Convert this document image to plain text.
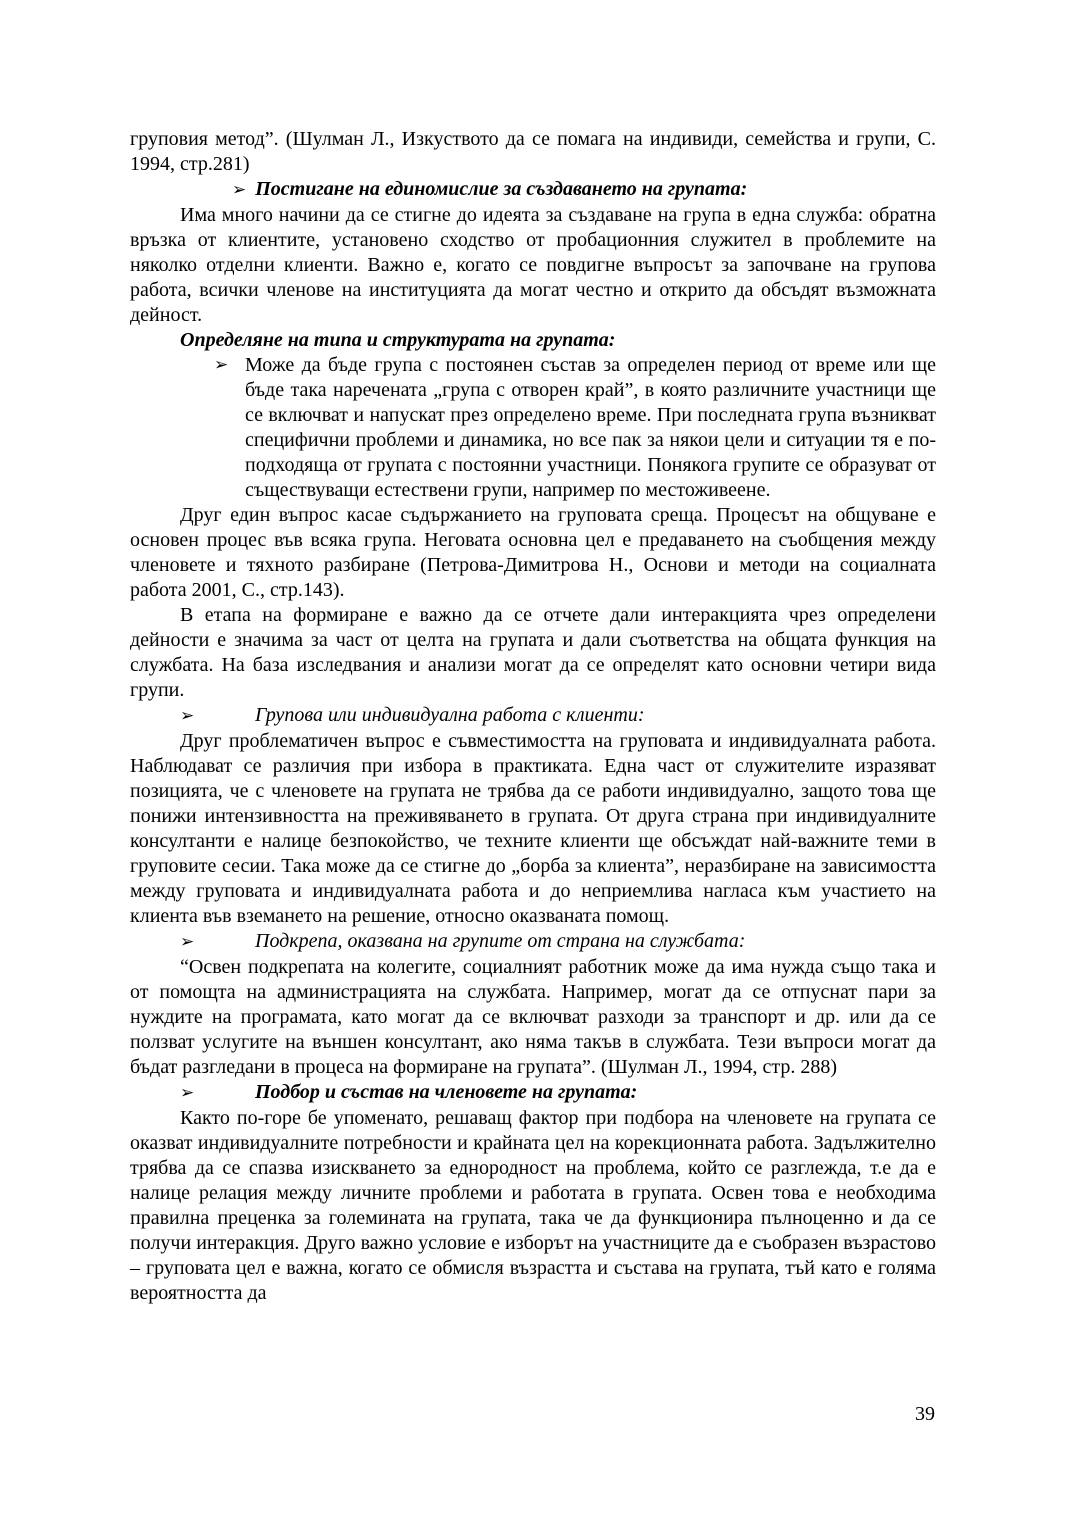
груповия метод”. (Шулман Л., Изкуството да се помага на индивиди, семейства и групи, С. 1994, стр.281)
➢ Постигане на единомислие за създаването на групата:
Има много начини да се стигне до идеята за създаване на група в една служба: обратна връзка от клиентите, установено сходство от пробационния служител в проблемите на няколко отделни клиенти. Важно е, когато се повдигне въпросът за започване на групова работа, всички членове на институцията да могат честно и открито да обсъдят възможната дейност.
Определяне на типа и структурата на групата:
➢ Може да бъде група с постоянен състав за определен период от време или ще бъде така наречената „група с отворен край”, в която различните участници ще се включват и напускат през определено време. При последната група възникват специфични проблеми и динамика, но все пак за някои цели и ситуации тя е по-подходяща от групата с постоянни участници. Понякога групите се образуват от съществуващи естествени групи, например по местоживеене.
Друг един въпрос касае съдържанието на груповата среща. Процесът на общуване е основен процес във всяка група. Неговата основна цел е предаването на съобщения между членовете и тяхното разбиране (Петрова-Димитрова Н., Основи и методи на социалната работа 2001, С., стр.143).
В етапа на формиране е важно да се отчете дали интеракцията чрез определени дейности е значима за част от целта на групата и дали съответства на общата функция на службата. На база изследвания и анализи могат да се определят като основни четири вида групи.
➢	Групова или индивидуална работа с клиенти:
Друг проблематичен въпрос е съвместимостта на груповата и индивидуалната работа. Наблюдават се различия при избора в практиката. Една част от служителите изразяват позицията, че с членовете на групата не трябва да се работи индивидуално, защото това ще понижи интензивността на преживяването в групата. От друга страна при индивидуалните консултанти е налице безпокойство, че техните клиенти ще обсъждат най-важните теми в груповите сесии. Така може да се стигне до „борба за клиента”, неразбиране на зависимостта между груповата и индивидуалната работа и до неприемлива нагласа към участието на клиента във вземането на решение, относно оказваната помощ.
➢	Подкрепа, оказвана на групите от страна на службата:
“Освен подкрепата на колегите, социалният работник може да има нужда също така и от помощта на администрацията на службата. Например, могат да се отпуснат пари за нуждите на програмата, като могат да се включват разходи за транспорт и др. или да се ползват услугите на външен консултант, ако няма такъв в службата. Тези въпроси могат да бъдат разгледани в процеса на формиране на групата”. (Шулман Л., 1994, стр. 288)
➢	Подбор и състав на членовете на групата:
Както по-горе бе упоменато, решаващ фактор при подбора на членовете на групата се оказват индивидуалните потребности и крайната цел на корекционната работа. Задължително трябва да се спазва изискването за еднородност на проблема, който се разглежда, т.е да е налице релация между личните проблеми и работата в групата. Освен това е необходима правилна преценка за големината на групата, така че да функционира пълноценно и да се получи интеракция. Друго важно условие е изборът на участниците да е съобразен възрастово – груповата цел е важна, когато се обмисля възрастта и състава на групата, тъй като е голяма вероятността да
39
